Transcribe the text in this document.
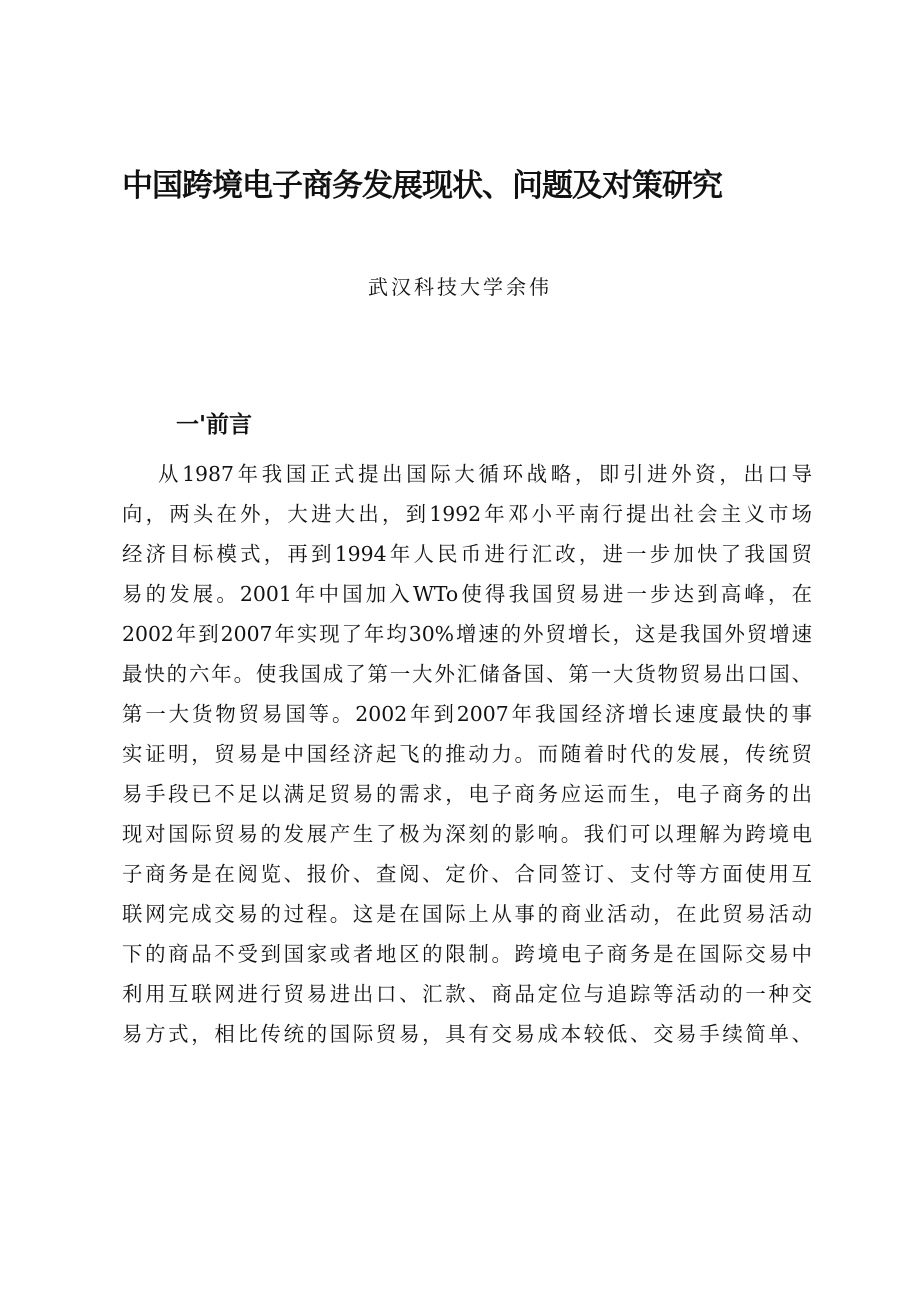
中国跨境电子商务发展现状、问题及对策研究

武汉科技大学余伟

一'前言
从1987年我国正式提出国际大循环战略，即引进外资，出口导
向，两头在外，大进大出，到1992年邓小平南行提出社会主义市场
经济目标模式，再到1994年人民币进行汇改，进一步加快了我国贸
易的发展。2001年中国加入WTo使得我国贸易进一步达到高峰，在
2002年到2007年实现了年均30%增速的外贸增长，这是我国外贸增速
最快的六年。使我国成了第一大外汇储备国、第一大货物贸易出口国、
第一大货物贸易国等。2002年到2007年我国经济增长速度最快的事
实证明，贸易是中国经济起飞的推动力。而随着时代的发展，传统贸
易手段已不足以满足贸易的需求，电子商务应运而生，电子商务的出
现对国际贸易的发展产生了极为深刻的影响。我们可以理解为跨境电
子商务是在阅览、报价、查阅、定价、合同签订、支付等方面使用互
联网完成交易的过程。这是在国际上从事的商业活动，在此贸易活动
下的商品不受到国家或者地区的限制。跨境电子商务是在国际交易中
利用互联网进行贸易进出口、汇款、商品定位与追踪等活动的一种交
易方式，相比传统的国际贸易，具有交易成本较低、交易手续简单、
